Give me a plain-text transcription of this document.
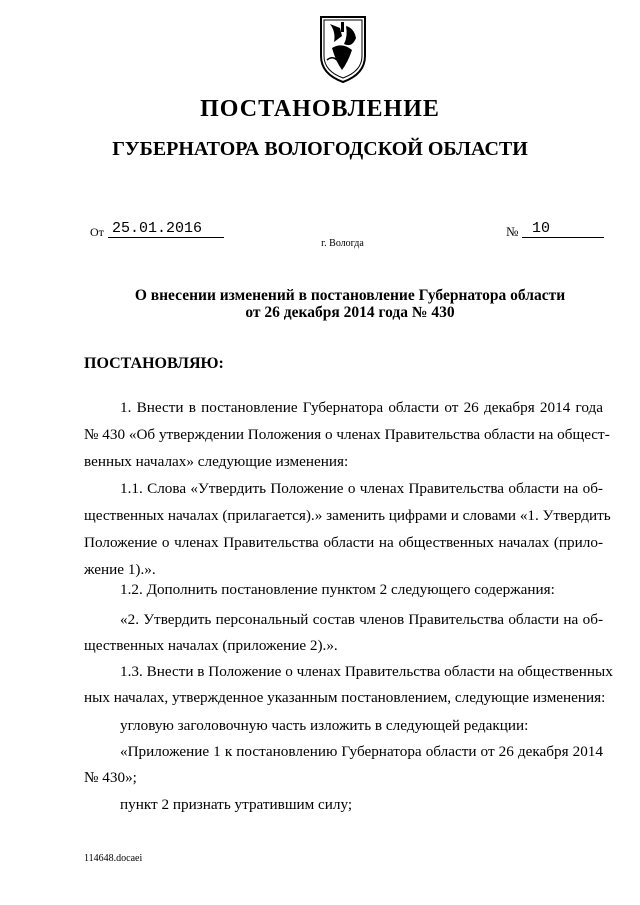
ПОСТАНОВЛЕНИЕ
ГУБЕРНАТОРА ВОЛОГОДСКОЙ ОБЛАСТИ
От 25.01.2016	№ 10
г. Вологда
О внесении изменений в постановление Губернатора области
от 26 декабря 2014 года № 430
ПОСТАНОВЛЯЮ:
1. Внести в постановление Губернатора области от 26 декабря 2014 года
№ 430 «Об утверждении Положения о членах Правительства области на общест-
венных началах» следующие изменения:
1.1. Слова «Утвердить Положение о членах Правительства области на об-
щественных началах (прилагается).» заменить цифрами и словами «1. Утвердить
Положение о членах Правительства области на общественных началах (прило-
жение 1).».
1.2. Дополнить постановление пунктом 2 следующего содержания:
«2. Утвердить персональный состав членов Правительства области на об-
щественных началах (приложение 2).».
1.3. Внести в Положение о членах Правительства области на общественных
ных началах, утвержденное указанным постановлением, следующие изменения:
угловую заголовочную часть изложить в следующей редакции:
«Приложение 1 к постановлению Губернатора области от 26 декабря 2014
№ 430»;
пункт 2 признать утратившим силу;
114648.docaei
